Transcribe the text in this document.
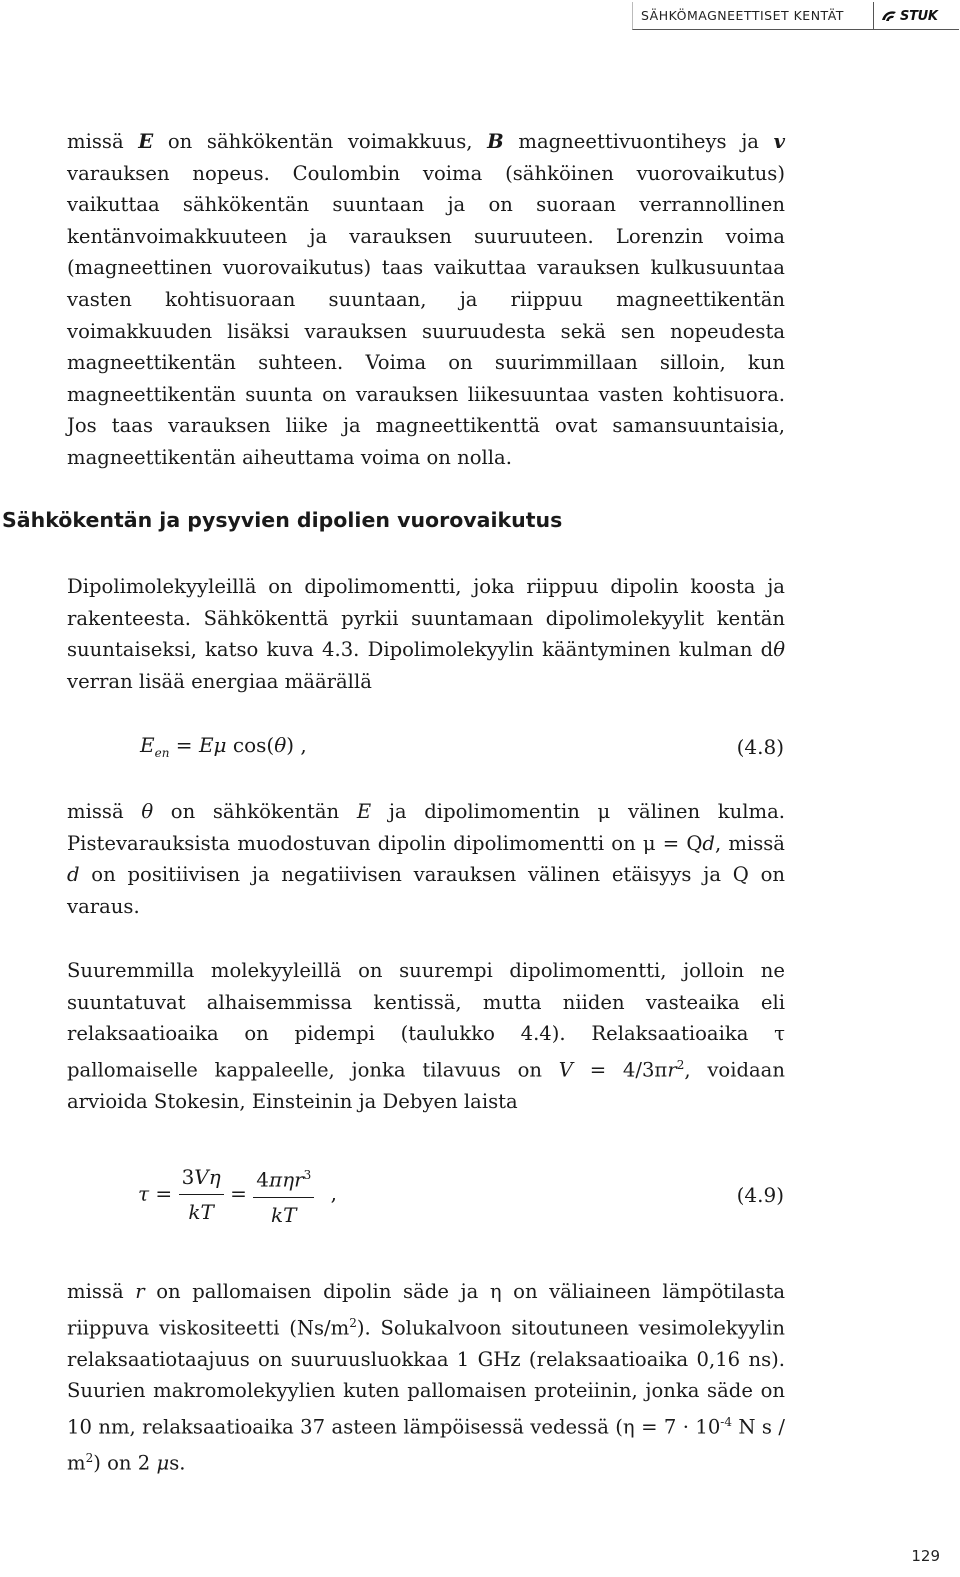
SÄHKÖMAGNEETTISET KENTÄT	STUK

missä E on sähkökentän voimakkuus, B magneettivuontiheys ja v varauksen nopeus. Coulombin voima (sähköinen vuorovaikutus) vaikuttaa sähkökentän suuntaan ja on suoraan verrannollinen kentänvoimakkuuteen ja varauksen suuruuteen. Lorenzin voima (magneettinen vuorovaikutus) taas vaikuttaa varauksen kulkusuuntaa vasten kohtisuoraan suuntaan, ja riippuu magneettikentän voimakkuuden lisäksi varauksen suuruudesta sekä sen nopeudesta magneettikentän suhteen. Voima on suurimmillaan silloin, kun magneettikentän suunta on varauksen liikesuuntaa vasten kohtisuora. Jos taas varauksen liike ja magneettikenttä ovat samansuuntaisia, magneettikentän aiheuttama voima on nolla.

Sähkökentän ja pysyvien dipolien vuorovaikutus

Dipolimolekyyleillä on dipolimomentti, joka riippuu dipolin koosta ja rakenteesta. Sähkökenttä pyrkii suuntamaan dipolimolekyylit kentän suuntaiseksi, katso kuva 4.3. Dipolimolekyylin kääntyminen kulman dθ verran lisää energiaa määrällä

$E_{en} = E\mu$ cos(θ) ,	(4.8)

missä θ on sähkökentän E ja dipolimomentin μ välinen kulma. Pistevarauksista muodostuvan dipolin dipolimomentti on μ = Qd, missä d on positiivisen ja negatiivisen varauksen välinen etäisyys ja Q on varaus.

Suuremmilla molekyyleillä on suurempi dipolimomentti, jolloin ne suuntatuvat alhaisemmissa kentissä, mutta niiden vasteaika eli relaksaatioaika on pidempi (taulukko 4.4). Relaksaatioaika τ pallomaiselle kappaleelle, jonka tilavuus on $V = 4/3\pi r^2$, voidaan arvioida Stokesin, Einsteinin ja Debyen laistа

$\tau = \frac{3V\eta}{kT} = \frac{4\pi\eta r^3}{kT}$ ,	(4.9)

missä r on pallomaisen dipolin säde ja η on väliaineen lämpötilasta riippuva viskositeetti $(Ns/m^2)$. Solukalvoon sitoutuneen vesimolekyylin relaksaatiotaajuus on suuruusluokkaa 1 GHz (relaksaatioaika 0,16 ns). Suurien makromolekyylien kuten pallomaisen proteiinin, jonka säde on 10 nm, relaksaatioaika 37 asteen lämpöisessä vedessä ($\eta = 7 \cdot 10^{-4}$ N s / $m^2$) on 2 μs.

129
